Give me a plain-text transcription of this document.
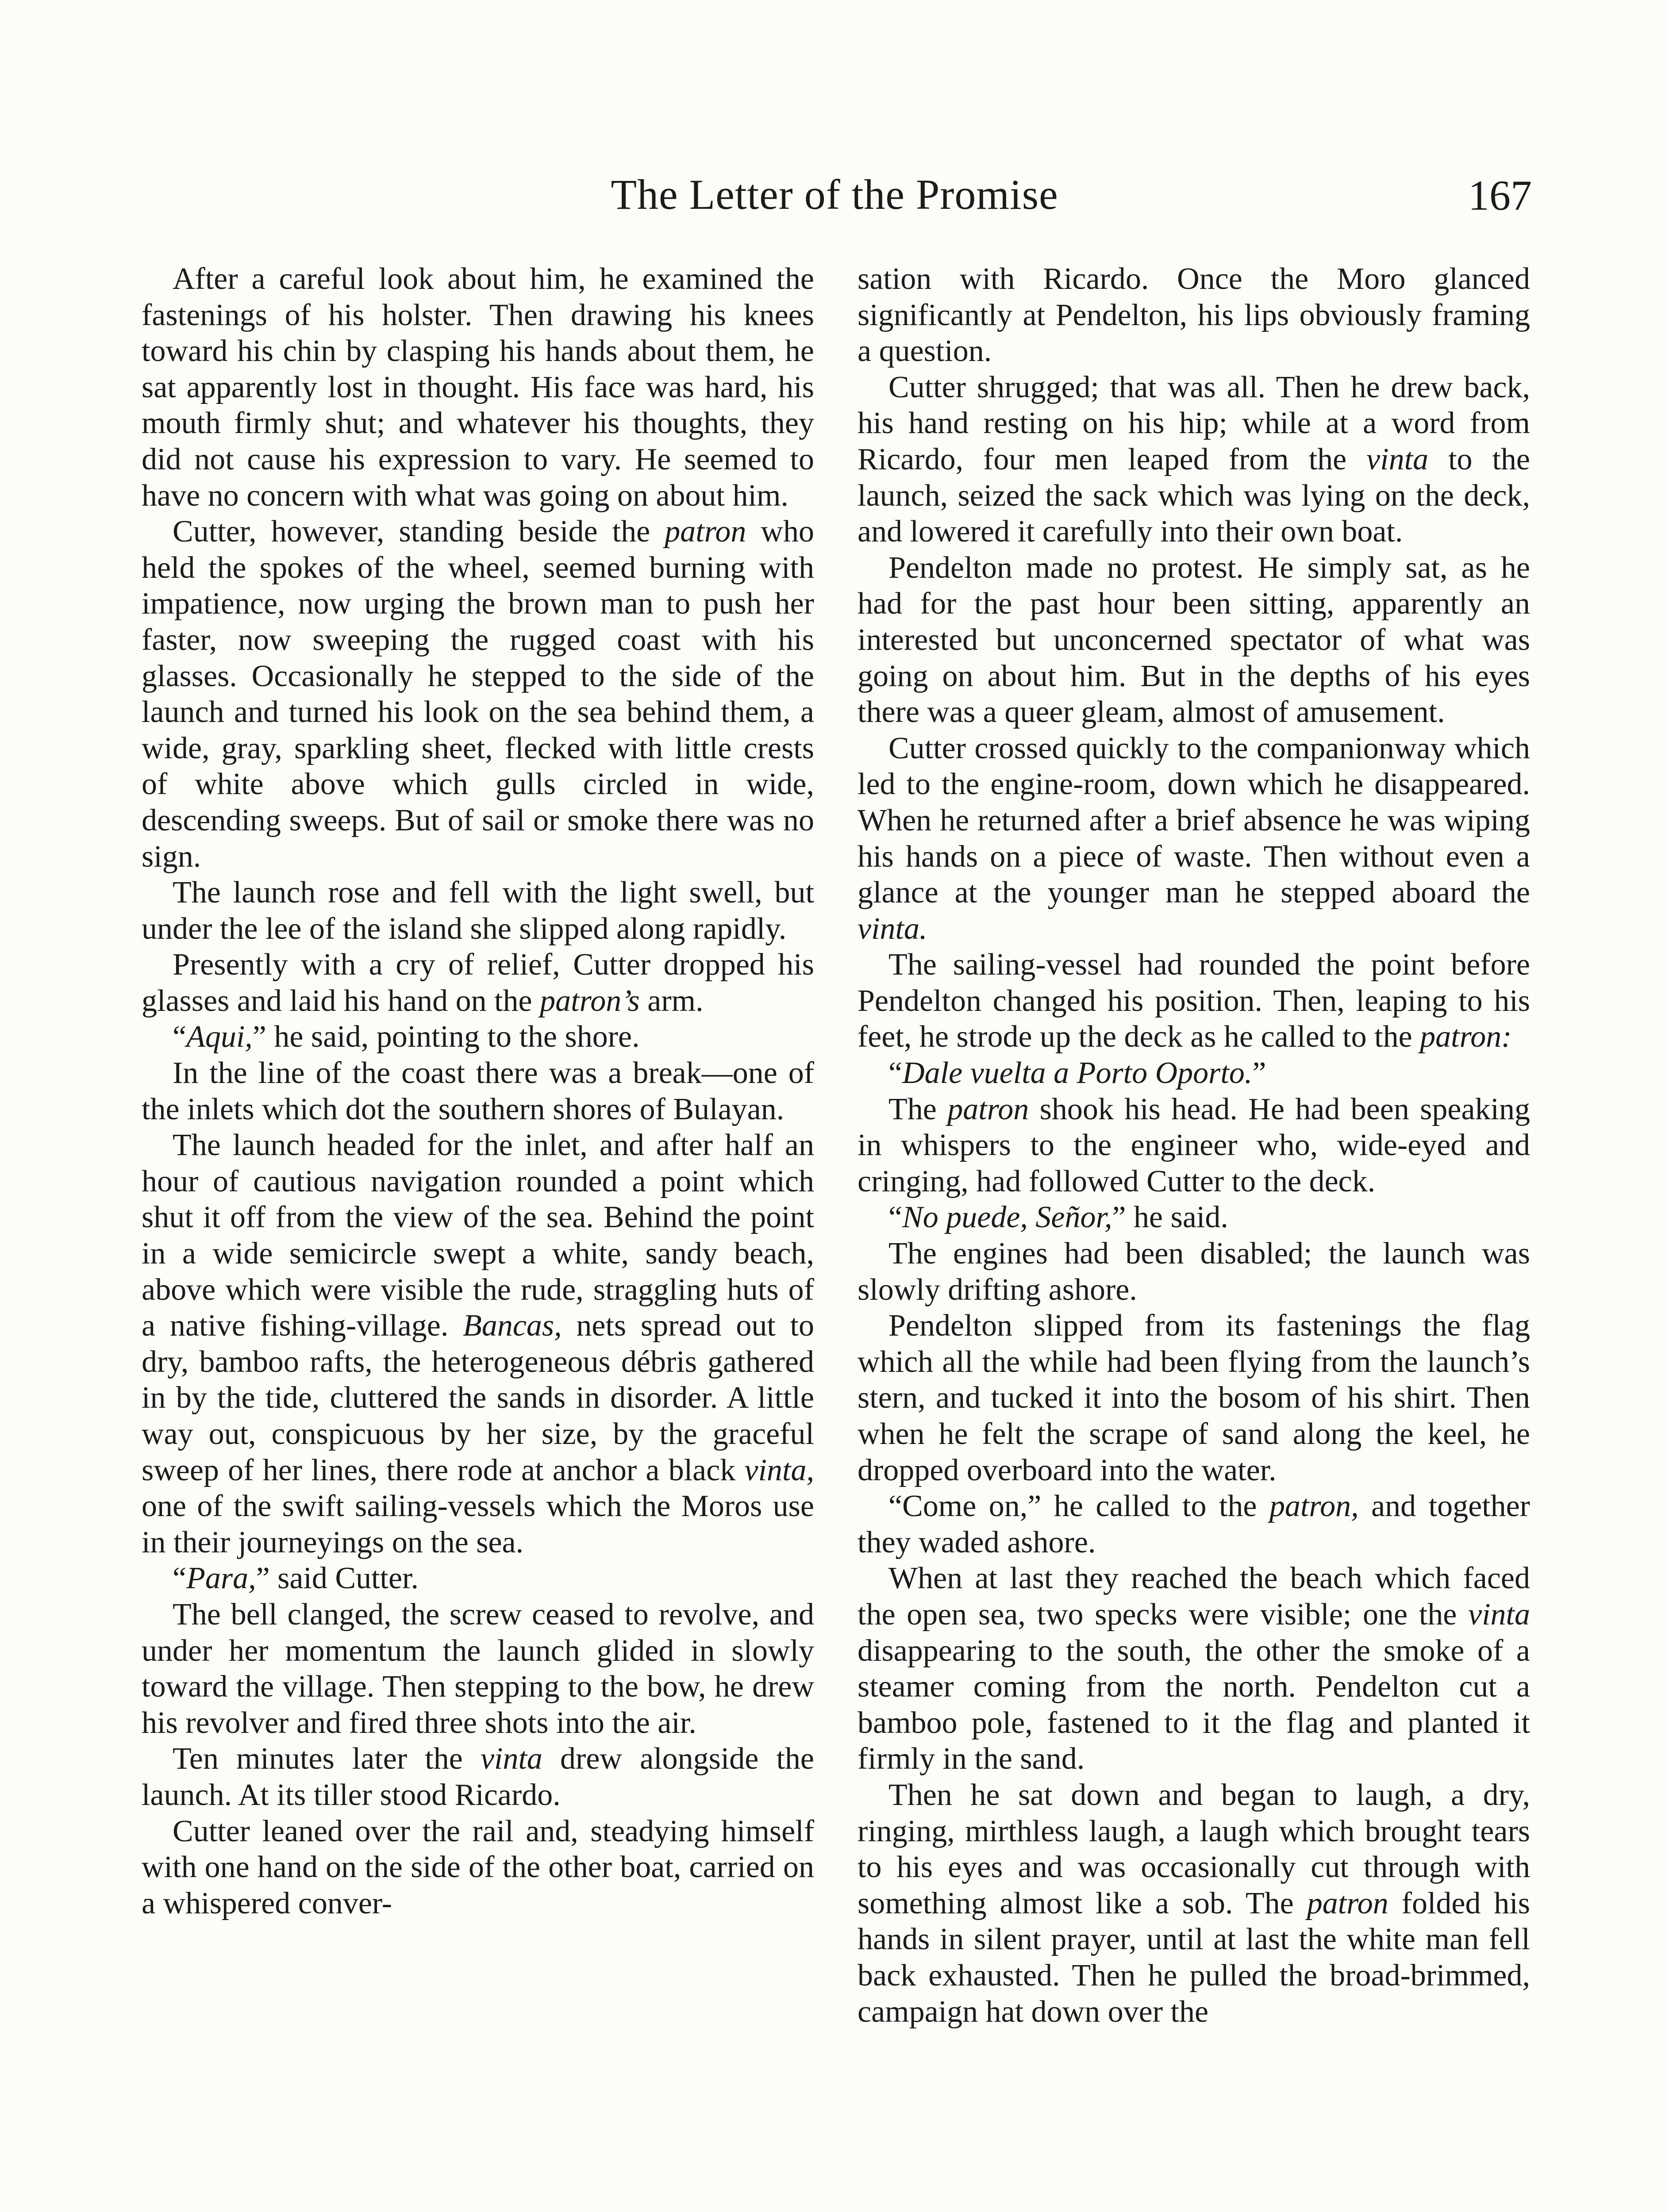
The Letter of the Promise	167

After a careful look about him, he examined the fastenings of his holster. Then drawing his knees toward his chin by clasping his hands about them, he sat apparently lost in thought. His face was hard, his mouth firmly shut; and whatever his thoughts, they did not cause his expression to vary. He seemed to have no concern with what was going on about him.

Cutter, however, standing beside the patron who held the spokes of the wheel, seemed burning with impatience, now urging the brown man to push her faster, now sweeping the rugged coast with his glasses. Occasionally he stepped to the side of the launch and turned his look on the sea behind them, a wide, gray, sparkling sheet, flecked with little crests of white above which gulls circled in wide, descending sweeps. But of sail or smoke there was no sign.

The launch rose and fell with the light swell, but under the lee of the island she slipped along rapidly.

Presently with a cry of relief, Cutter dropped his glasses and laid his hand on the patron’s arm.

“Aqui,” he said, pointing to the shore.

In the line of the coast there was a break—one of the inlets which dot the southern shores of Bulayan.

The launch headed for the inlet, and after half an hour of cautious navigation rounded a point which shut it off from the view of the sea. Behind the point in a wide semicircle swept a white, sandy beach, above which were visible the rude, straggling huts of a native fishing-village. Bancas, nets spread out to dry, bamboo rafts, the heterogeneous débris gathered in by the tide, cluttered the sands in disorder. A little way out, conspicuous by her size, by the graceful sweep of her lines, there rode at anchor a black vinta, one of the swift sailing-vessels which the Moros use in their journeyings on the sea.

“Para,” said Cutter.

The bell clanged, the screw ceased to revolve, and under her momentum the launch glided in slowly toward the village. Then stepping to the bow, he drew his revolver and fired three shots into the air.

Ten minutes later the vinta drew alongside the launch. At its tiller stood Ricardo.

Cutter leaned over the rail and, steadying himself with one hand on the side of the other boat, carried on a whispered conver-

sation with Ricardo. Once the Moro glanced significantly at Pendelton, his lips obviously framing a question.

Cutter shrugged; that was all. Then he drew back, his hand resting on his hip; while at a word from Ricardo, four men leaped from the vinta to the launch, seized the sack which was lying on the deck, and lowered it carefully into their own boat.

Pendelton made no protest. He simply sat, as he had for the past hour been sitting, apparently an interested but unconcerned spectator of what was going on about him. But in the depths of his eyes there was a queer gleam, almost of amusement.

Cutter crossed quickly to the companionway which led to the engine-room, down which he disappeared. When he returned after a brief absence he was wiping his hands on a piece of waste. Then without even a glance at the younger man he stepped aboard the vinta.

The sailing-vessel had rounded the point before Pendelton changed his position. Then, leaping to his feet, he strode up the deck as he called to the patron:

“Dale vuelta a Porto Oporto.”

The patron shook his head. He had been speaking in whispers to the engineer who, wide-eyed and cringing, had followed Cutter to the deck.

“No puede, Señor,” he said.

The engines had been disabled; the launch was slowly drifting ashore.

Pendelton slipped from its fastenings the flag which all the while had been flying from the launch’s stern, and tucked it into the bosom of his shirt. Then when he felt the scrape of sand along the keel, he dropped overboard into the water.

“Come on,” he called to the patron, and together they waded ashore.

When at last they reached the beach which faced the open sea, two specks were visible; one the vinta disappearing to the south, the other the smoke of a steamer coming from the north. Pendelton cut a bamboo pole, fastened to it the flag and planted it firmly in the sand.

Then he sat down and began to laugh, a dry, ringing, mirthless laugh, a laugh which brought tears to his eyes and was occasionally cut through with something almost like a sob. The patron folded his hands in silent prayer, until at last the white man fell back exhausted. Then he pulled the broad-brimmed, campaign hat down over the
